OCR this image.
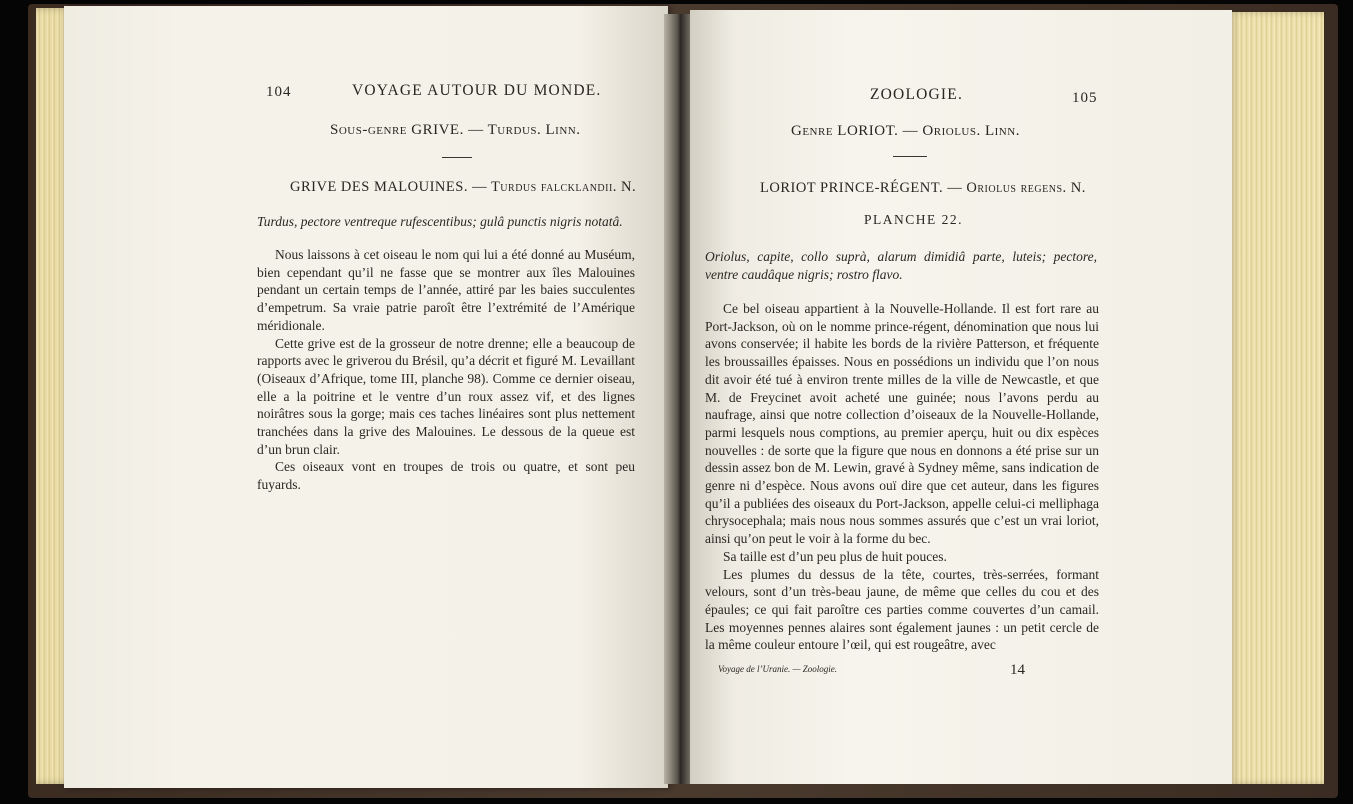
104	VOYAGE AUTOUR DU MONDE.
Sous-genre GRIVE. — Turdus. Linn.
GRIVE DES MALOUINES. — Turdus falcklandii. N.
Turdus, pectore ventreque rufescentibus; gulâ punctis nigris notatâ.

Nous laissons à cet oiseau le nom qui lui a été donné au Muséum, bien cependant qu’il ne fasse que se montrer aux îles Malouines pendant un certain temps de l’année, attiré par les baies succulentes d’empetrum. Sa vraie patrie paroît être l’extrémité de l’Amérique méridionale.

Cette grive est de la grosseur de notre drenne; elle a beaucoup de rapports avec le griverou du Brésil, qu’a décrit et figuré M. Levaillant (Oiseaux d’Afrique, tome III, planche 98). Comme ce dernier oiseau, elle a la poitrine et le ventre d’un roux assez vif, et des lignes noirâtres sous la gorge; mais ces taches linéaires sont plus nettement tranchées dans la grive des Malouines. Le dessous de la queue est d’un brun clair.

Ces oiseaux vont en troupes de trois ou quatre, et sont peu fuyards.

ZOOLOGIE.	105
Genre LORIOT. — Oriolus. Linn.
LORIOT PRINCE-RÉGENT. — Oriolus regens. N.
PLANCHE 22.
Oriolus, capite, collo suprà, alarum dimidiâ parte, luteis; pectore, ventre caudâque nigris; rostro flavo.

Ce bel oiseau appartient à la Nouvelle-Hollande. Il est fort rare au Port-Jackson, où on le nomme prince-régent, dénomination que nous lui avons conservée; il habite les bords de la rivière Patterson, et fréquente les broussailles épaisses. Nous en possédions un individu que l’on nous dit avoir été tué à environ trente milles de la ville de Newcastle, et que M. de Freycinet avoit acheté une guinée; nous l’avons perdu au naufrage, ainsi que notre collection d’oiseaux de la Nouvelle-Hollande, parmi lesquels nous comptions, au premier aperçu, huit ou dix espèces nouvelles : de sorte que la figure que nous en donnons a été prise sur un dessin assez bon de M. Lewin, gravé à Sydney même, sans indication de genre ni d’espèce. Nous avons ouï dire que cet auteur, dans les figures qu’il a publiées des oiseaux du Port-Jackson, appelle celui-ci melliphaga chrysocephala; mais nous nous sommes assurés que c’est un vrai loriot, ainsi qu’on peut le voir à la forme du bec.

Sa taille est d’un peu plus de huit pouces.

Les plumes du dessus de la tête, courtes, très-serrées, formant velours, sont d’un très-beau jaune, de même que celles du cou et des épaules; ce qui fait paroître ces parties comme couvertes d’un camail. Les moyennes pennes alaires sont également jaunes : un petit cercle de la même couleur entoure l’œil, qui est rougeâtre, avec

Voyage de l’Uranie. — Zoologie.	14
